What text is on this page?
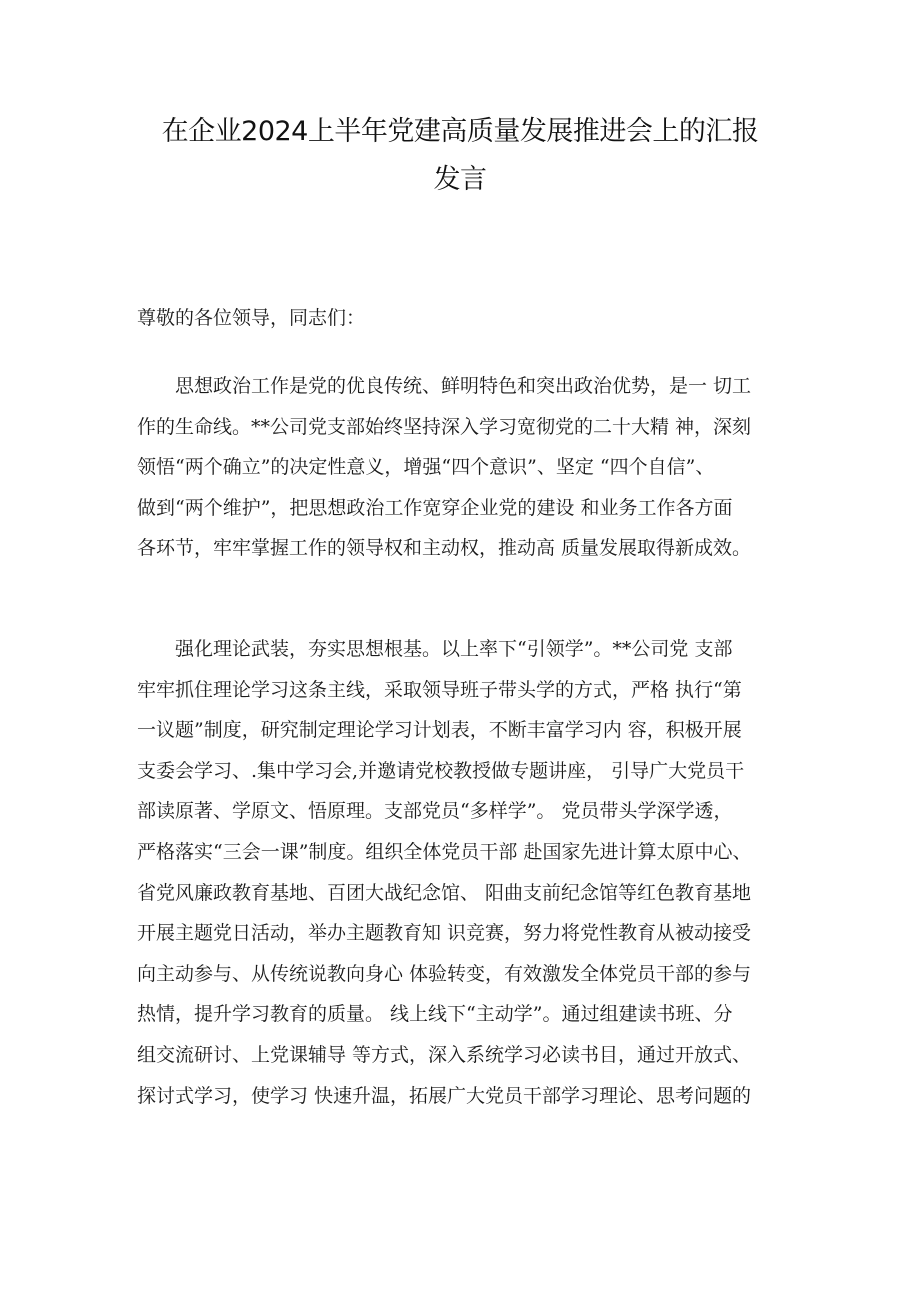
在企业2024上半年党建高质量发展推进会上的汇报
发言

尊敬的各位领导，同志们：

思想政治工作是党的优良传统、鲜明特色和突出政治优势，是一 切工
作的生命线。**公司党支部始终坚持深入学习宽彻党的二十大精 神，深刻
领悟“两个确立”的决定性意义，增强“四个意识”、坚定 “四个自信”、
做到“两个维护”，把思想政治工作宽穿企业党的建设 和业务工作各方面
各环节，牢牢掌握工作的领导权和主动权，推动高 质量发展取得新成效。
强化理论武装，夯实思想根基。以上率下“引领学”。**公司党 支部
牢牢抓住理论学习这条主线，采取领导班子带头学的方式，严格 执行“第
一议题”制度，研究制定理论学习计划表，不断丰富学习内 容，积极开展
支委会学习、.集中学习会,并邀请党校教授做专题讲座， 引导广大党员干
部读原著、学原文、悟原理。支部党员“多样学”。 党员带头学深学透，
严格落实“三会一课”制度。组织全体党员干部 赴国家先进计算太原中心、
省党风廉政教育基地、百团大战纪念馆、 阳曲支前纪念馆等红色教育基地
开展主题党日活动，举办主题教育知 识竞赛，努力将党性教育从被动接受
向主动参与、从传统说教向身心 体验转变，有效激发全体党员干部的参与
热情，提升学习教育的质量。 线上线下“主动学”。通过组建读书班、分
组交流研讨、上党课辅导 等方式，深入系统学习必读书目，通过开放式、
探讨式学习，使学习 快速升温，拓展广大党员干部学习理论、思考问题的
